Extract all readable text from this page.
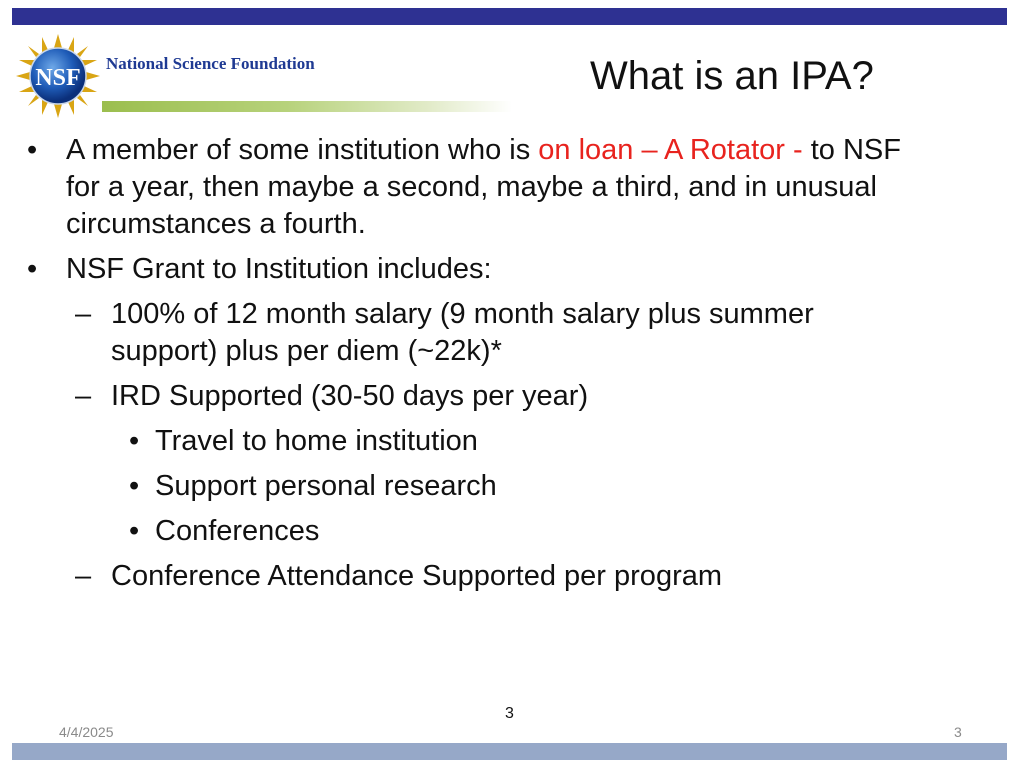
NSF
National Science Foundation	What is an IPA?
• A member of some institution who is on loan – A Rotator - to NSF
for a year, then maybe a second, maybe a third, and in unusual
circumstances a fourth.
• NSF Grant to Institution includes:
– 100% of 12 month salary (9 month salary plus summer
support) plus per diem (~22k)*
– IRD Supported (30-50 days per year)
• Travel to home institution
• Support personal research
• Conferences
– Conference Attendance Supported per program
3
4/4/2025	3
